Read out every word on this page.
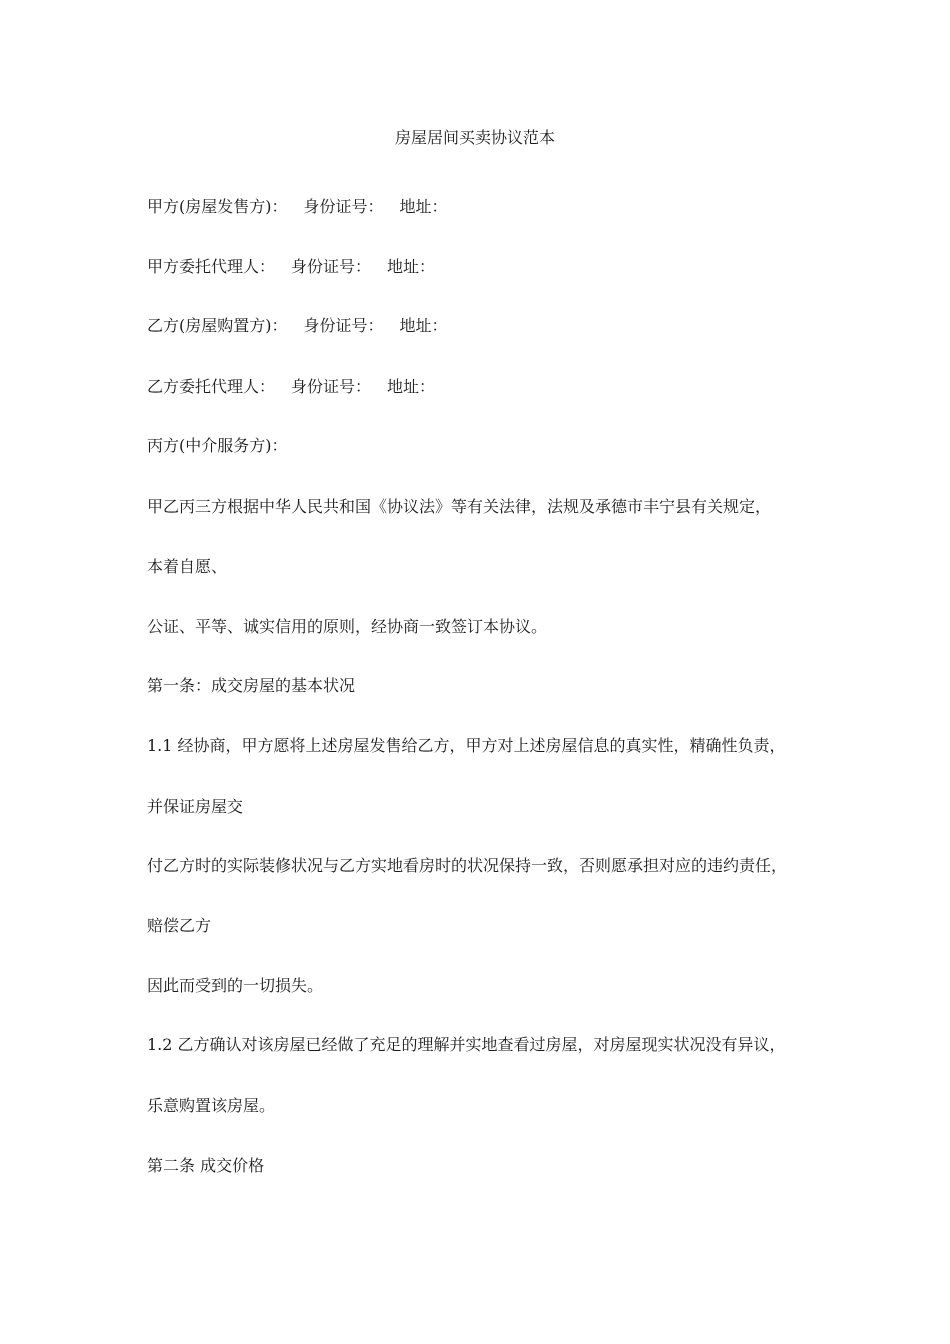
房屋居间买卖协议范本
甲方(房屋发售方)： 身份证号： 地址：
甲方委托代理人： 身份证号： 地址：
乙方(房屋购置方)： 身份证号： 地址：
乙方委托代理人： 身份证号： 地址：
丙方(中介服务方)：
甲乙丙三方根据中华人民共和国《协议法》等有关法律，法规及承德市丰宁县有关规定，
本着自愿、
公证、平等、诚实信用的原则，经协商一致签订本协议。
第一条：成交房屋的基本状况
1.1 经协商，甲方愿将上述房屋发售给乙方，甲方对上述房屋信息的真实性，精确性负责，
并保证房屋交
付乙方时的实际装修状况与乙方实地看房时的状况保持一致，否则愿承担对应的违约责任，
赔偿乙方
因此而受到的一切损失。
1.2 乙方确认对该房屋已经做了充足的理解并实地查看过房屋，对房屋现实状况没有异议，
乐意购置该房屋。
第二条 成交价格
